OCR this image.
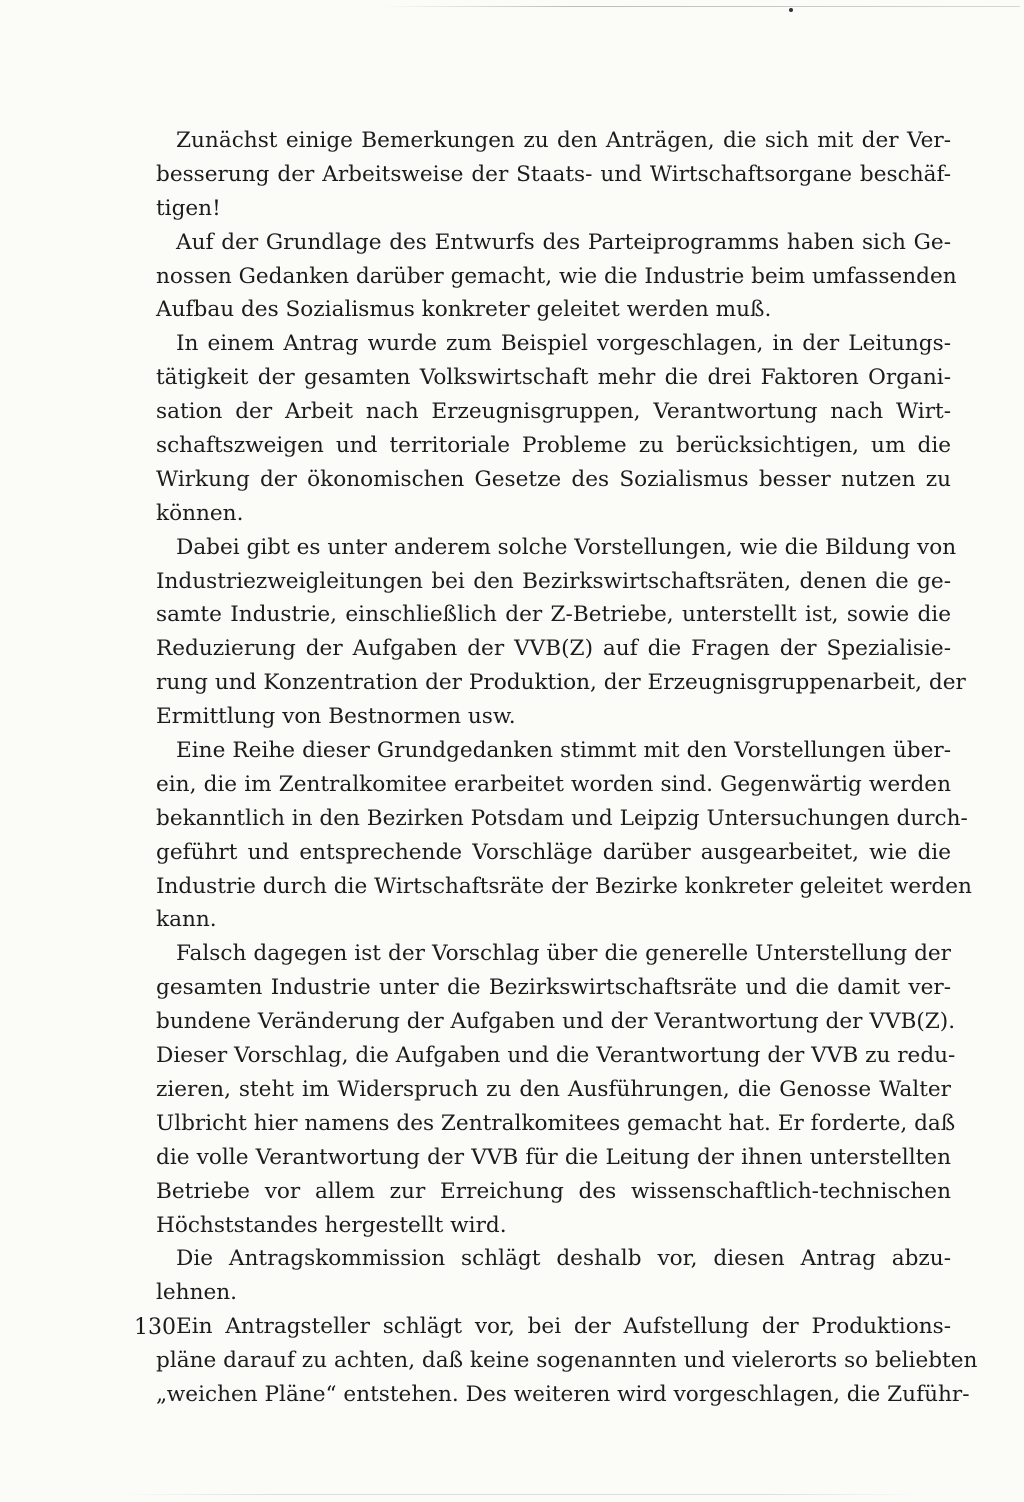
Zunächst einige Bemerkungen zu den Anträgen, die sich mit der Ver-
besserung der Arbeitsweise der Staats- und Wirtschaftsorgane beschäf-
tigen!
Auf der Grundlage des Entwurfs des Parteiprogramms haben sich Ge-
nossen Gedanken darüber gemacht, wie die Industrie beim umfassenden
Aufbau des Sozialismus konkreter geleitet werden muß.
In einem Antrag wurde zum Beispiel vorgeschlagen, in der Leitungs-
tätigkeit der gesamten Volkswirtschaft mehr die drei Faktoren Organi-
sation der Arbeit nach Erzeugnisgruppen, Verantwortung nach Wirt-
schaftszweigen und territoriale Probleme zu berücksichtigen, um die
Wirkung der ökonomischen Gesetze des Sozialismus besser nutzen zu
können.
Dabei gibt es unter anderem solche Vorstellungen, wie die Bildung von
Industriezweigleitungen bei den Bezirkswirtschaftsräten, denen die ge-
samte Industrie, einschließlich der Z-Betriebe, unterstellt ist, sowie die
Reduzierung der Aufgaben der VVB(Z) auf die Fragen der Spezialisie-
rung und Konzentration der Produktion, der Erzeugnisgruppenarbeit, der
Ermittlung von Bestnormen usw.
Eine Reihe dieser Grundgedanken stimmt mit den Vorstellungen über-
ein, die im Zentralkomitee erarbeitet worden sind. Gegenwärtig werden
bekanntlich in den Bezirken Potsdam und Leipzig Untersuchungen durch-
geführt und entsprechende Vorschläge darüber ausgearbeitet, wie die
Industrie durch die Wirtschaftsräte der Bezirke konkreter geleitet werden
kann.
Falsch dagegen ist der Vorschlag über die generelle Unterstellung der
gesamten Industrie unter die Bezirkswirtschaftsräte und die damit ver-
bundene Veränderung der Aufgaben und der Verantwortung der VVB(Z).
Dieser Vorschlag, die Aufgaben und die Verantwortung der VVB zu redu-
zieren, steht im Widerspruch zu den Ausführungen, die Genosse Walter
Ulbricht hier namens des Zentralkomitees gemacht hat. Er forderte, daß
die volle Verantwortung der VVB für die Leitung der ihnen unterstellten
Betriebe vor allem zur Erreichung des wissenschaftlich-technischen
Höchststandes hergestellt wird.
Die Antragskommission schlägt deshalb vor, diesen Antrag abzu-
lehnen.
Ein Antragsteller schlägt vor, bei der Aufstellung der Produktions-
pläne darauf zu achten, daß keine sogenannten und vielerorts so beliebten
„weichen Pläne“ entstehen. Des weiteren wird vorgeschlagen, die Zuführ-
130
